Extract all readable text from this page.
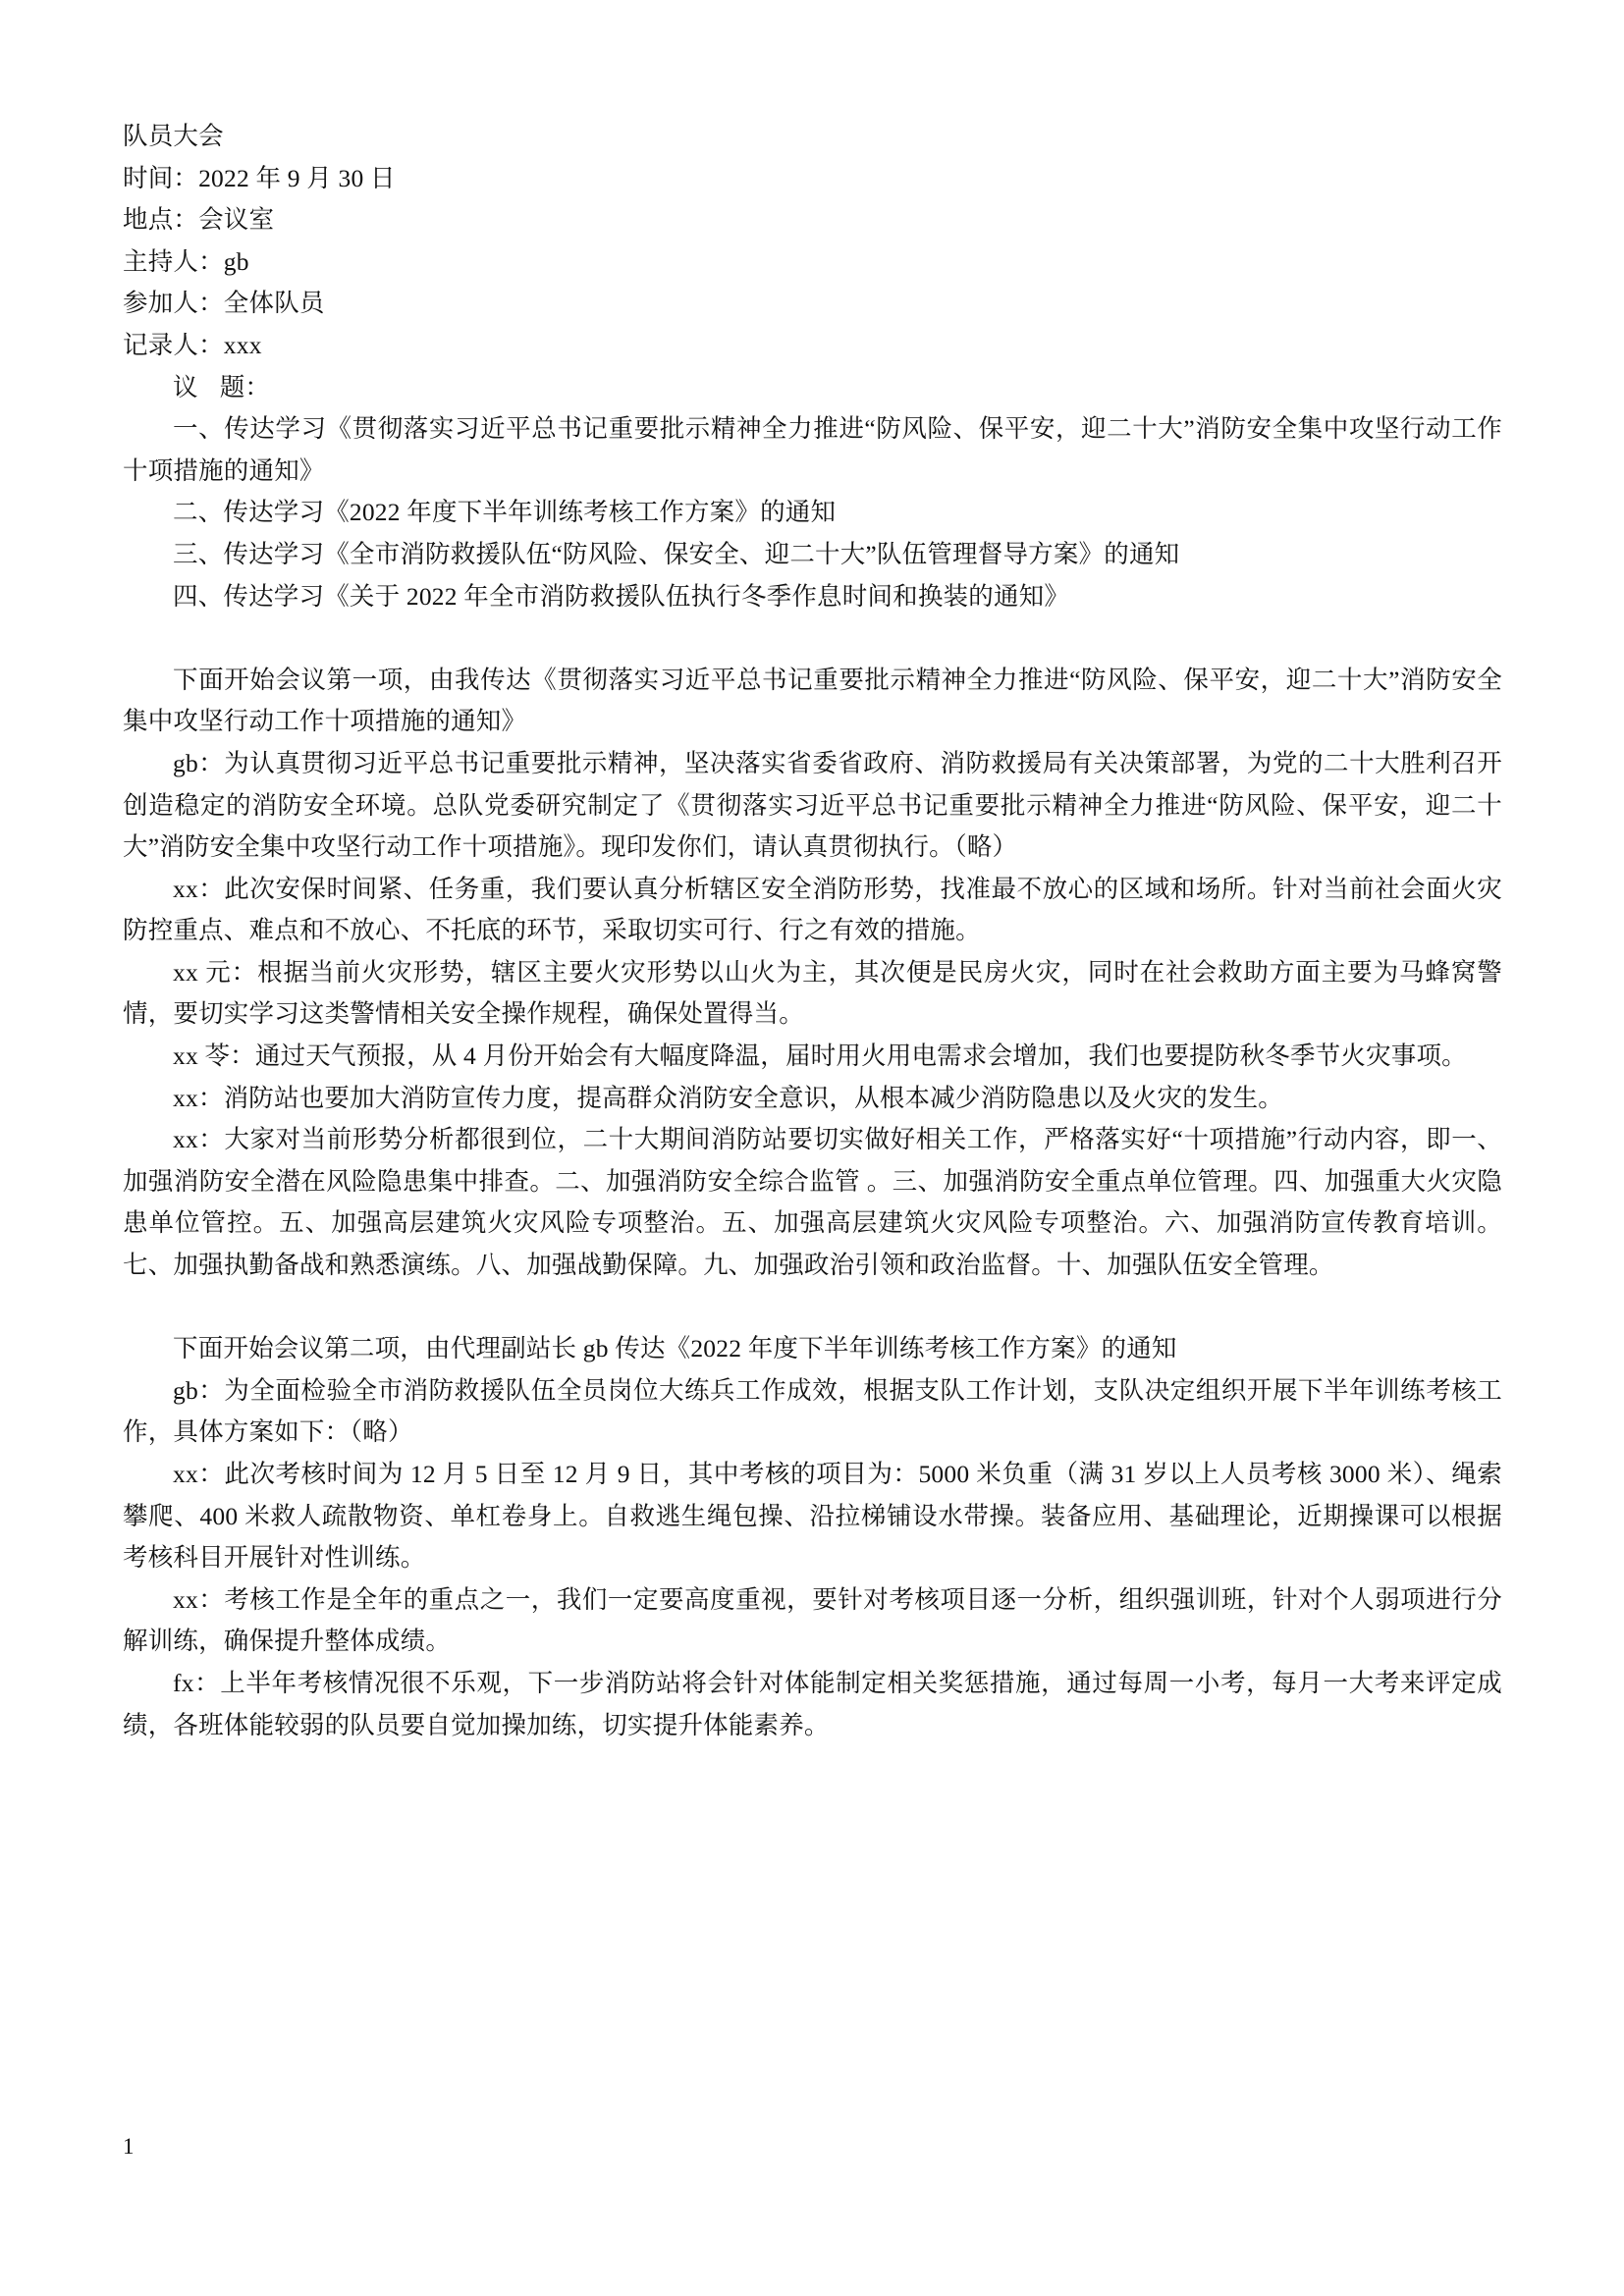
队员大会
时间：2022 年 9 月 30 日
地点：会议室
主持人：gb
参加人：全体队员
记录人：xxx
议 题：
一、传达学习《贯彻落实习近平总书记重要批示精神全力推进“防风险、保平安，迎二十大”消防安全集中攻坚行动工作十项措施的通知》
二、传达学习《2022 年度下半年训练考核工作方案》的通知
三、传达学习《全市消防救援队伍“防风险、保安全、迎二十大”队伍管理督导方案》的通知
四、传达学习《关于 2022 年全市消防救援队伍执行冬季作息时间和换装的通知》
下面开始会议第一项，由我传达《贯彻落实习近平总书记重要批示精神全力推进“防风险、保平安，迎二十大”消防安全集中攻坚行动工作十项措施的通知》
gb：为认真贯彻习近平总书记重要批示精神，坚决落实省委省政府、消防救援局有关决策部署，为党的二十大胜利召开创造稳定的消防安全环境。总队党委研究制定了《贯彻落实习近平总书记重要批示精神全力推进“防风险、保平安，迎二十大”消防安全集中攻坚行动工作十项措施》。现印发你们，请认真贯彻执行。（略）
xx：此次安保时间紧、任务重，我们要认真分析辖区安全消防形势，找准最不放心的区域和场所。针对当前社会面火灾防控重点、难点和不放心、不托底的环节，采取切实可行、行之有效的措施。
xx 元：根据当前火灾形势，辖区主要火灾形势以山火为主，其次便是民房火灾，同时在社会救助方面主要为马蜂窝警情，要切实学习这类警情相关安全操作规程，确保处置得当。
xx 苓：通过天气预报，从 4 月份开始会有大幅度降温，届时用火用电需求会增加，我们也要提防秋冬季节火灾事项。
xx：消防站也要加大消防宣传力度，提高群众消防安全意识，从根本减少消防隐患以及火灾的发生。
xx：大家对当前形势分析都很到位，二十大期间消防站要切实做好相关工作，严格落实好“十项措施”行动内容，即一、加强消防安全潜在风险隐患集中排查。二、加强消防安全综合监管 。三、加强消防安全重点单位管理。四、加强重大火灾隐患单位管控。五、加强高层建筑火灾风险专项整治。五、加强高层建筑火灾风险专项整治。六、加强消防宣传教育培训。七、加强执勤备战和熟悉演练。八、加强战勤保障。九、加强政治引领和政治监督。十、加强队伍安全管理。
下面开始会议第二项，由代理副站长 gb 传达《2022 年度下半年训练考核工作方案》的通知
gb：为全面检验全市消防救援队伍全员岗位大练兵工作成效，根据支队工作计划，支队决定组织开展下半年训练考核工作，具体方案如下：（略）
xx：此次考核时间为 12 月 5 日至 12 月 9 日，其中考核的项目为：5000 米负重（满 31 岁以上人员考核 3000 米）、绳索攀爬、400 米救人疏散物资、单杠卷身上。自救逃生绳包操、沿拉梯铺设水带操。装备应用、基础理论，近期操课可以根据考核科目开展针对性训练。
xx：考核工作是全年的重点之一，我们一定要高度重视，要针对考核项目逐一分析，组织强训班，针对个人弱项进行分解训练，确保提升整体成绩。
fx：上半年考核情况很不乐观，下一步消防站将会针对体能制定相关奖惩措施，通过每周一小考，每月一大考来评定成绩，各班体能较弱的队员要自觉加操加练，切实提升体能素养。
1
